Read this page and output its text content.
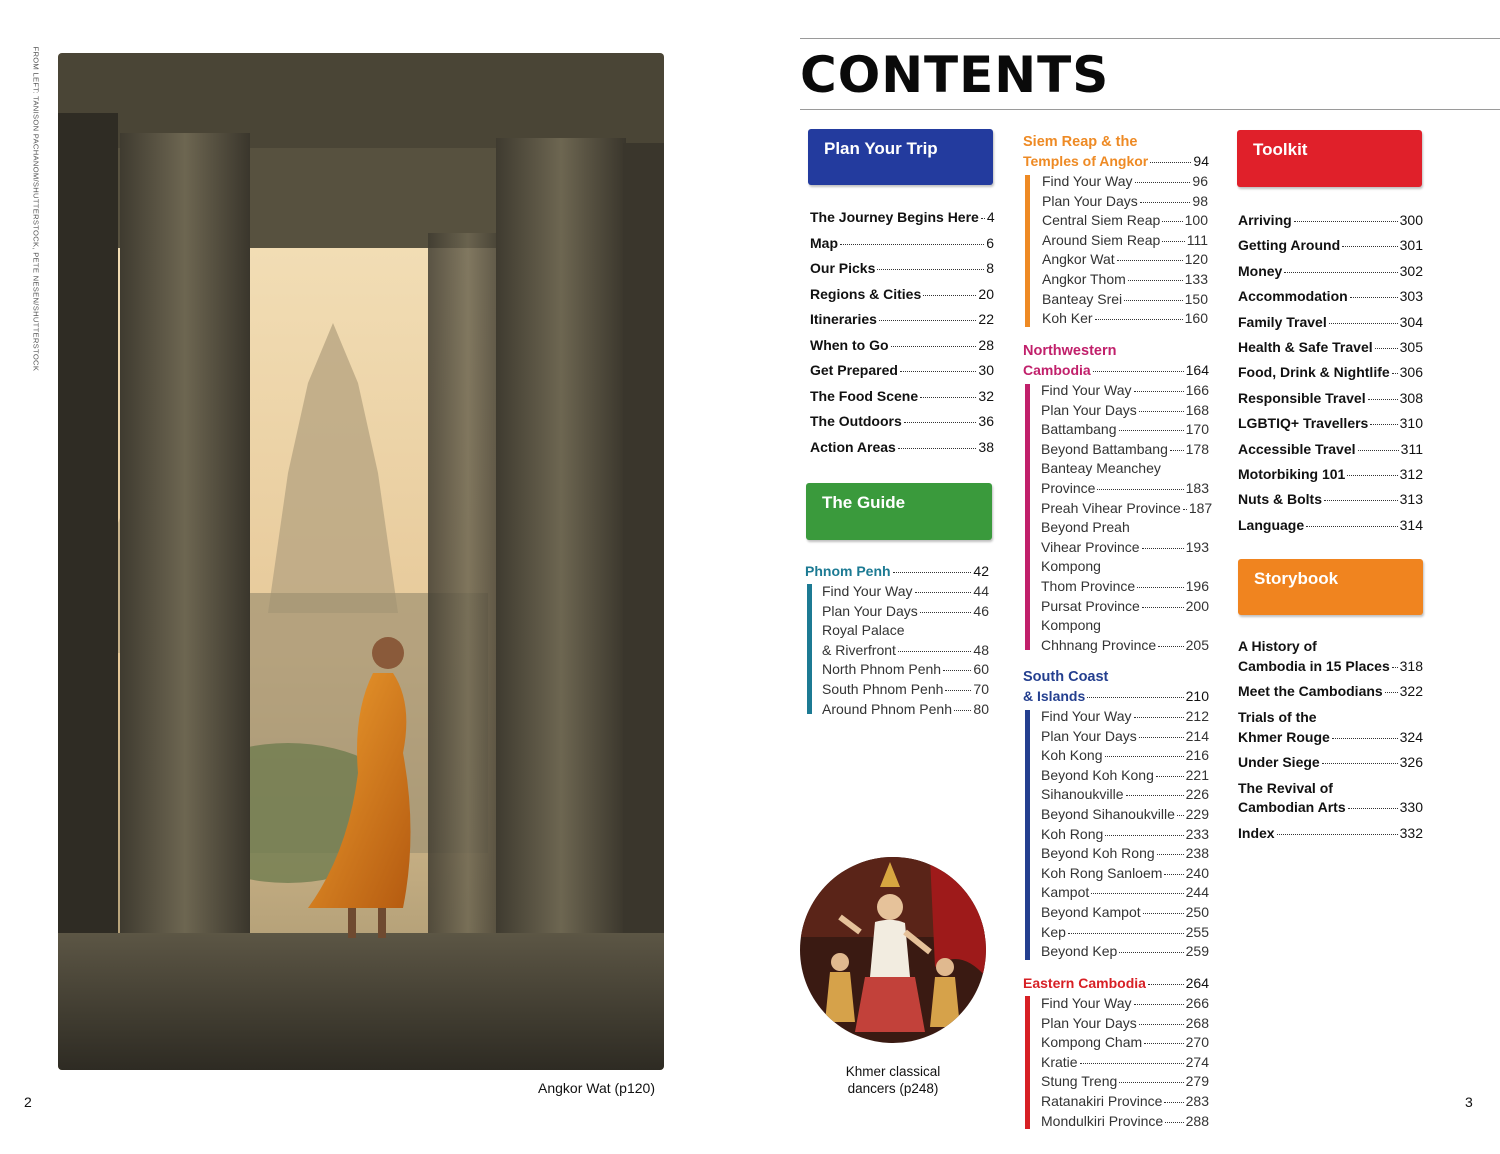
FROM LEFT: TANISON PACHANOM/SHUTTERSTOCK, PETE NESEN/SHUTTERSTOCK
Angkor Wat (p120)
2
CONTENTS
Plan Your Trip
The Journey Begins Here 4
Map	6
Our Picks	8
Regions & Cities	20
Itineraries	22
When to Go	28
Get Prepared	30
The Food Scene	32
The Outdoors	36
Action Areas	38
The Guide
Phnom Penh	42
Find Your Way	44
Plan Your Days	46
Royal Palace
& Riverfront	48
North Phnom Penh 60
South Phnom Penh 70
Around Phnom Penh 80
Khmer classical
dancers (p248)
Siem Reap & the
Temples of Angkor	94
Find Your Way	96
Plan Your Days	98
Central Siem Reap 100
Around Siem Reap 111
Angkor Wat	120
Angkor Thom	133
Banteay Srei	150
Koh Ker	160
Northwestern
Cambodia	164
Find Your Way	166
Plan Your Days	168
Battambang	170
Beyond Battambang 178
Banteay Meanchey
Province	183
Preah Vihear Province 187
Beyond Preah
Vihear Province	193
Kompong
Thom Province	196
Pursat Province	200
Kompong
Chhnang Province 205
South Coast
& Islands	210
Find Your Way	212
Plan Your Days	214
Koh Kong	216
Beyond Koh Kong 221
Sihanoukville	226
Beyond Sihanoukville 229
Koh Rong	233
Beyond Koh Rong 238
Koh Rong Sanloem 240
Kampot	244
Beyond Kampot	250
Kep	255
Beyond Kep	259
Eastern Cambodia	264
Find Your Way	266
Plan Your Days	268
Kompong Cham	270
Kratie	274
Stung Treng	279
Ratanakiri Province 283
Mondulkiri Province 288
Toolkit
Arriving	300
Getting Around	301
Money	302
Accommodation	303
Family Travel	304
Health & Safe Travel 305
Food, Drink & Nightlife 306
Responsible Travel 308
LGBTIQ+ Travellers 310
Accessible Travel	311
Motorbiking 101	312
Nuts & Bolts	313
Language	314
Storybook
A History of
Cambodia in 15 Places 318
Meet the Cambodians 322
Trials of the
Khmer Rouge	324
Under Siege	326
The Revival of
Cambodian Arts	330
Index	332
3
